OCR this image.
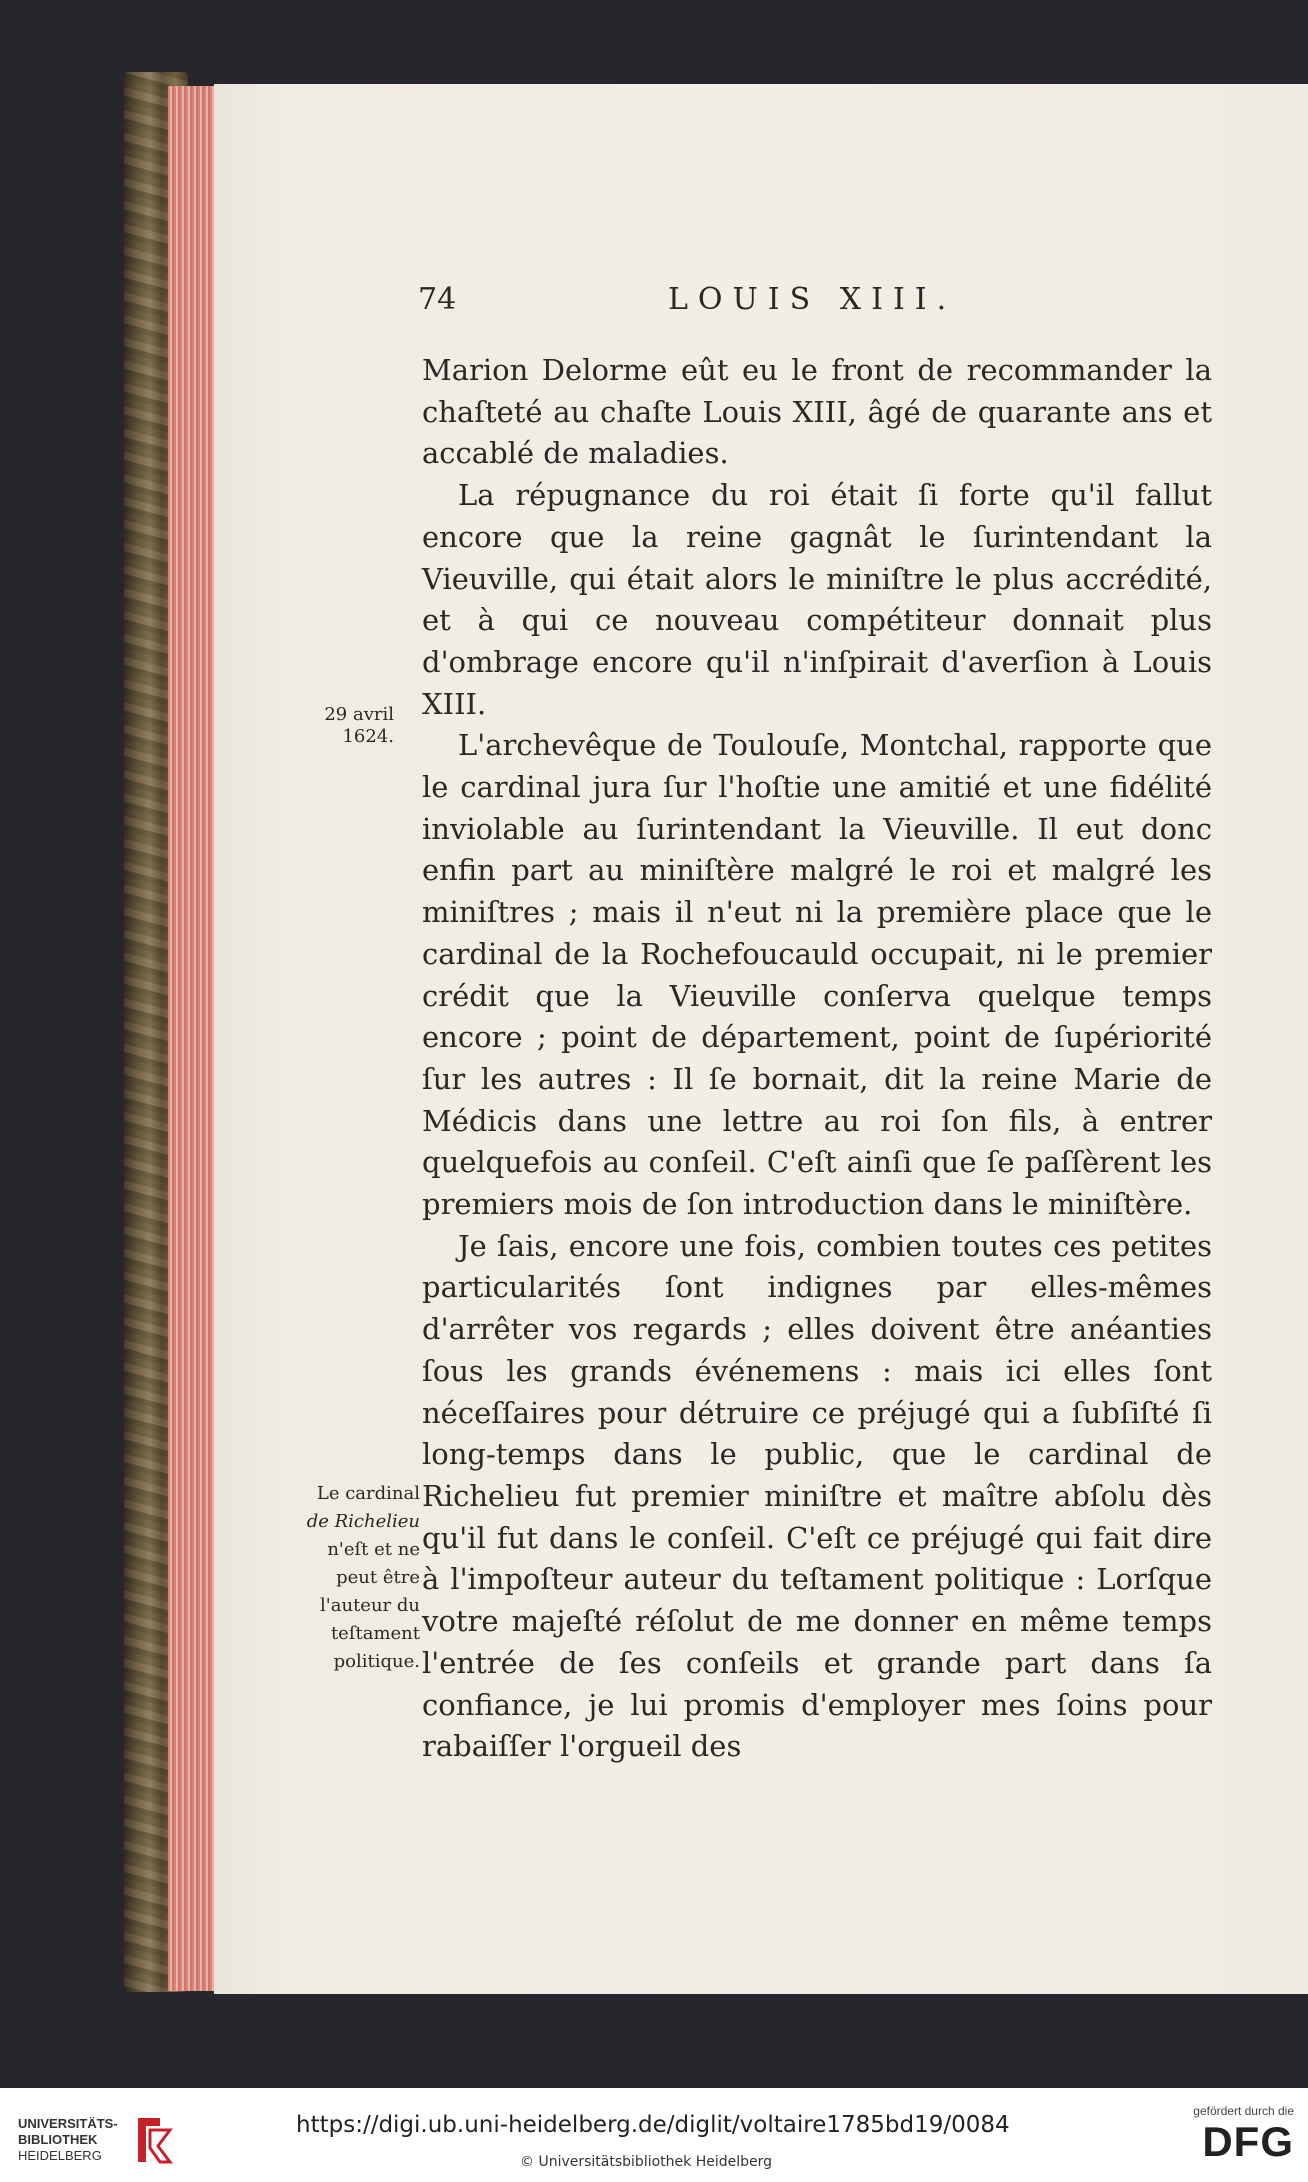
74	LOUIS XIII.
29 avril
1624.
Le cardinal
de Richelieu
n'eſt et ne
peut être
l'auteur du
teſtament
politique.

Marion Delorme eût eu le front de recommander la chaſteté au chaſte Louis XIII, âgé de quarante ans et accablé de maladies.

La répugnance du roi était ſi forte qu'il fallut encore que la reine gagnât le ſurintendant la Vieuville, qui était alors le miniſtre le plus accrédité, et à qui ce nouveau compétiteur donnait plus d'ombrage encore qu'il n'inſpirait d'averſion à Louis XIII.

L'archevêque de Toulouſe, Montchal, rapporte que le cardinal jura ſur l'hoſtie une amitié et une fidélité inviolable au ſurintendant la Vieuville. Il eut donc enfin part au miniſtère malgré le roi et malgré les miniſtres ; mais il n'eut ni la première place que le cardinal de la Rochefoucauld occupait, ni le premier crédit que la Vieuville conſerva quelque temps encore ; point de département, point de ſupériorité ſur les autres : Il ſe bornait, dit la reine Marie de Médicis dans une lettre au roi ſon fils, à entrer quelquefois au conſeil. C'eſt ainſi que ſe paſſèrent les premiers mois de ſon introduction dans le miniſtère.

Je ſais, encore une fois, combien toutes ces petites particularités ſont indignes par elles-mêmes d'arrêter vos regards ; elles doivent être anéanties ſous les grands événemens : mais ici elles ſont néceſſaires pour détruire ce préjugé qui a ſubſiſté ſi long-temps dans le public, que le cardinal de Richelieu fut premier miniſtre et maître abſolu dès qu'il fut dans le conſeil. C'eſt ce préjugé qui fait dire à l'impoſteur auteur du teſtament politique : Lorſque votre majeſté réſolut de me donner en même temps l'entrée de ſes conſeils et grande part dans ſa confiance, je lui promis d'employer mes ſoins pour rabaiſſer l'orgueil des

UNIVERSITÄTS-
BIBLIOTHEK
HEIDELBERG
https://digi.ub.uni-heidelberg.de/diglit/voltaire1785bd19/0084
© Universitätsbibliothek Heidelberg
gefördert durch die
DFG
